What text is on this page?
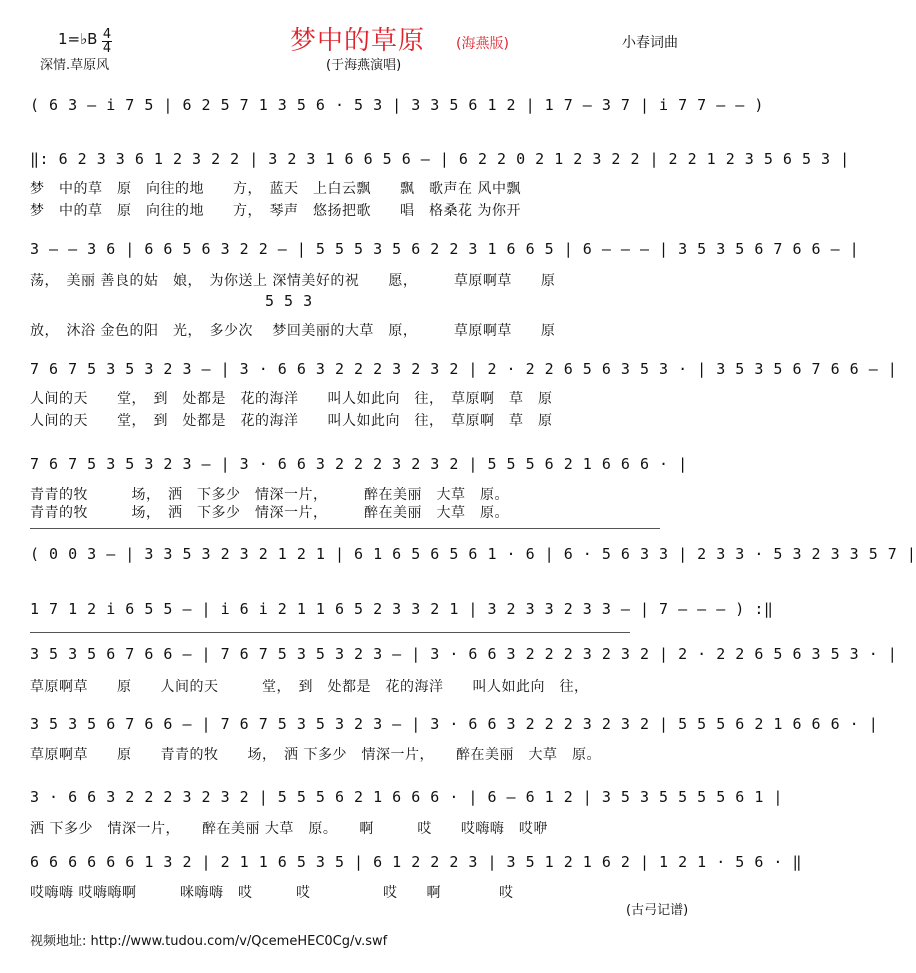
1=♭B 4
4	梦中的草原 (海燕版)	小春词曲
深情.草原风	(于海燕演唱)
( 6 3 – i 7 5 | 6 2 5 7 1 3 5 6 · 5 3 | 3 3 5 6 1 2 | 1 7 – 3 7 | i 7 7 – – )
‖: 6 2 3 3 6 1 2 3 2 2 | 3 2 3 1 6 6 5 6 – | 6 2 2 0 2 1 2 3 2 2 | 2 2 1 2 3 5 6 5 3 |
梦　中的草　原　向往的地　　方，　蓝天　上白云飘　　飘　歌声在 风中飘
梦　中的草　原　向往的地　　方，　琴声　悠扬把歌　　唱　格桑花 为你开
3 – – 3 6 | 6 6 5 6 3 2 2 – | 5 5 5 3 5 6 2 2 3 1 6 6 5 | 6 – – – | 3 5 3 5 6 7 6 6 – |
荡，　美丽 善良的姑　娘，　为你送上 深情美好的祝　　愿，　　　草原啊草　　原
5 5 3
放，　沐浴 金色的阳　光，　多少次　 梦回美丽的大草　原，　　　草原啊草　　原
7 6 7 5 3 5 3 2 3 – | 3 · 6 6 3 2 2 2 3 2 3 2 | 2 · 2 2 6 5 6 3 5 3 · | 3 5 3 5 6 7 6 6 – |
人间的天　　堂，　到　处都是　花的海洋　　叫人如此向　往，　草原啊　草　原
人间的天　　堂，　到　处都是　花的海洋　　叫人如此向　往，　草原啊　草　原
7 6 7 5 3 5 3 2 3 – | 3 · 6 6 3 2 2 2 3 2 3 2 | 5 5 5 6 2 1 6 6 6 · |
青青的牧　　　场，　洒　下多少　情深一片，　　　醉在美丽　大草　原。
青青的牧　　　场，　洒　下多少　情深一片，　　　醉在美丽　大草　原。
( 0 0 3 – | 3 3 5 3 2 3 2 1 2 1 | 6 1 6 5 6 5 6 1 · 6 | 6 · 5 6 3 3 | 2 3 3 · 5 3 2 3 3 5 7 |
1 7 1 2 i 6 5 5 – | i 6 i 2 1 1 6 5 2 3 3 2 1 | 3 2 3 3 2 3 3 – | 7 – – – ) :‖
3 5 3 5 6 7 6 6 – | 7 6 7 5 3 5 3 2 3 – | 3 · 6 6 3 2 2 2 3 2 3 2 | 2 · 2 2 6 5 6 3 5 3 · |
草原啊草　　原　　人间的天　　　堂，　到　处都是　花的海洋　　叫人如此向　往，
3 5 3 5 6 7 6 6 – | 7 6 7 5 3 5 3 2 3 – | 3 · 6 6 3 2 2 2 3 2 3 2 | 5 5 5 6 2 1 6 6 6 · |
草原啊草　　原　　青青的牧　　场，　洒 下多少　情深一片，　　醉在美丽　大草　原。
3 · 6 6 3 2 2 2 3 2 3 2 | 5 5 5 6 2 1 6 6 6 · | 6 – 6 1 2 | 3 5 3 5 5 5 5 6 1 |
洒 下多少　情深一片，　　醉在美丽 大草　原。　　啊　　　哎　　哎嗨嗨　哎咿
6 6 6 6 6 6 1 3 2 | 2 1 1 6 5 3 5 | 6 1 2 2 2 3 | 3 5 1 2 1 6 2 | 1 2 1 · 5 6 · ‖
哎嗨嗨 哎嗨嗨啊　　　咪嗨嗨　哎　　　哎　　　　　哎　　啊　　　　哎
(古弓记谱)
视频地址: http://www.tudou.com/v/QcemeHEC0Cg/v.swf
